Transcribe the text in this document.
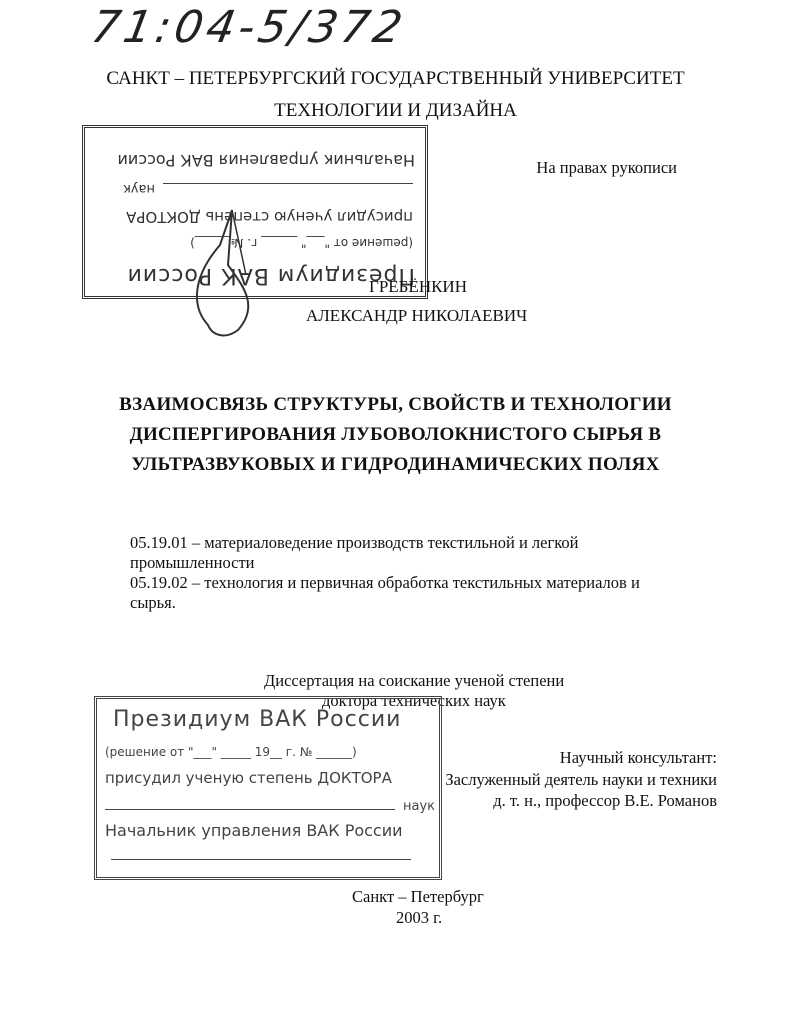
71:04-5/372
САНКТ – ПЕТЕРБУРГСКИЙ ГОСУДАРСТВЕННЫЙ УНИВЕРСИТЕТ
ТЕХНОЛОГИИ И ДИЗАЙНА
Президиум ВАК России
(решение от "___" ______ г. №______)
присудил ученую степень ДОКТОРА
наук
Начальник управления ВАК России	На правах рукописи
ГРЕБЁНКИН
АЛЕКСАНДР НИКОЛАЕВИЧ
ВЗАИМОСВЯЗЬ СТРУКТУРЫ, СВОЙСТВ И ТЕХНОЛОГИИ
ДИСПЕРГИРОВАНИЯ ЛУБОВОЛОКНИСТОГО СЫРЬЯ В
УЛЬТРАЗВУКОВЫХ И ГИДРОДИНАМИЧЕСКИХ ПОЛЯХ
05.19.01 – материаловедение производств текстильной и легкой
промышленности
05.19.02 – технология и первичная обработка текстильных материалов и
сырья.
Диссертация на соискание ученой степени
доктора технических наук
Президиум ВАК России
(решение от "___" _____ 19__ г. № ______)
присудил ученую степень ДОКТОРА
наук
Начальник управления ВАК России
Научный консультант:
Заслуженный деятель науки и техники
д. т. н., профессор В.Е. Романов
Санкт – Петербург
2003 г.
